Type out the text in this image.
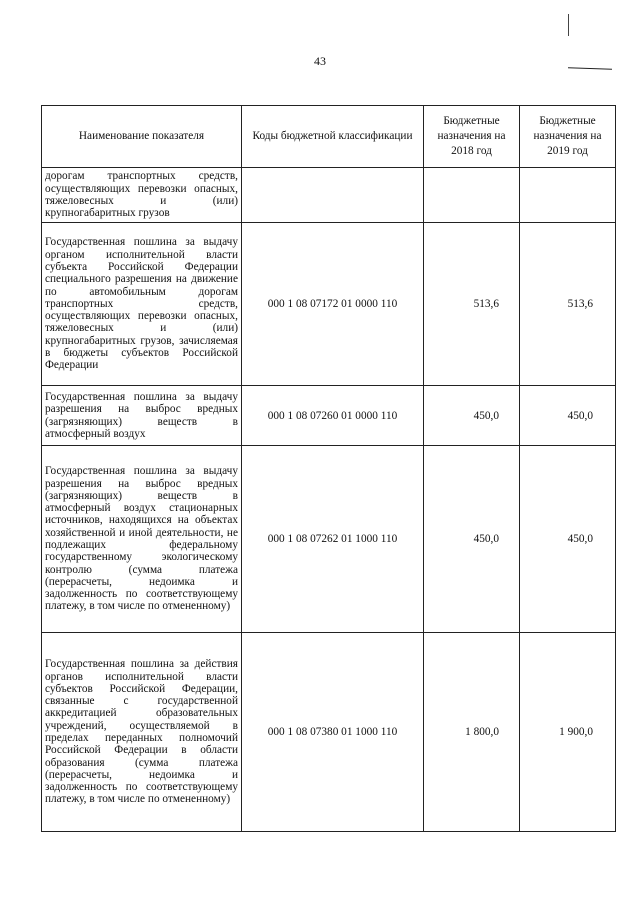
43
Наименование показателя	Коды бюджетной классификации	Бюджетные назначения на 2018 год	Бюджетные назначения на 2019 год
дорогам транспортных средств, осуществляющих перевозки опасных, тяжеловесных и (или) крупногабаритных грузов			
Государственная пошлина за выдачу органом исполнительной власти субъекта Российской Федерации специального разрешения на движение по автомобильным дорогам транспортных средств, осуществляющих перевозки опасных, тяжеловесных и (или) крупногабаритных грузов, зачисляемая в бюджеты субъектов Российской Федерации	000 1 08 07172 01 0000 110	513,6	513,6
Государственная пошлина за выдачу разрешения на выброс вредных (загрязняющих) веществ в атмосферный воздух	000 1 08 07260 01 0000 110	450,0	450,0
Государственная пошлина за выдачу разрешения на выброс вредных (загрязняющих) веществ в атмосферный воздух стационарных источников, находящихся на объектах хозяйственной и иной деятельности, не подлежащих федеральному государственному экологическому контролю (сумма платежа (перерасчеты, недоимка и задолженность по соответствующему платежу, в том числе по отмененному)	000 1 08 07262 01 1000 110	450,0	450,0
Государственная пошлина за действия органов исполнительной власти субъектов Российской Федерации, связанные с государственной аккредитацией образовательных учреждений, осуществляемой в пределах переданных полномочий Российской Федерации в области образования (сумма платежа (перерасчеты, недоимка и задолженность по соответствующему платежу, в том числе по отмененному)	000 1 08 07380 01 1000 110	1 800,0	1 900,0
